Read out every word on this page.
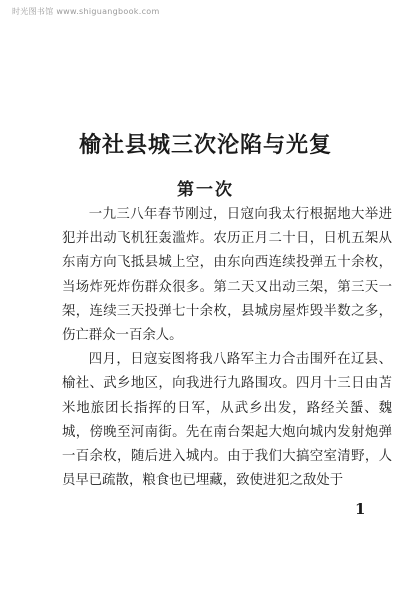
时光图书馆 www.shiguangbook.com
榆社县城三次沦陷与光复
第一次

一九三八年春节刚过，日寇向我太行根据地大举进犯并出动飞机狂轰滥炸。农历正月二十日，日机五架从东南方向飞抵县城上空，由东向西连续投弹五十余枚，当场炸死炸伤群众很多。第二天又出动三架，第三天一架，连续三天投弹七十余枚，县城房屋炸毁半数之多，伤亡群众一百余人。

四月，日寇妄图将我八路军主力合击围歼在辽县、榆社、武乡地区，向我进行九路围攻。四月十三日由苫米地旅团长指挥的日军，从武乡出发，路经关蜑、魏城，傍晚至河南街。先在南台架起大炮向城内发射炮弹一百余枚，随后进入城内。由于我们大搞空室清野，人员早已疏散，粮食也已埋藏，致使进犯之敌处于

1
